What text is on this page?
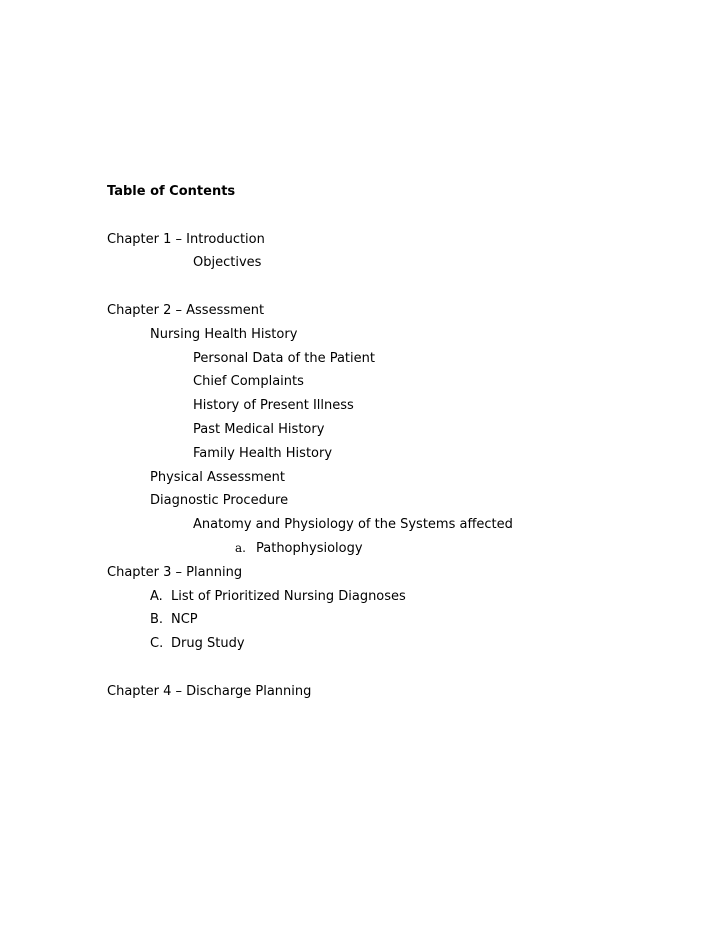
Table of Contents
Chapter 1 – Introduction
Objectives
Chapter 2 – Assessment
Nursing Health History
Personal Data of the Patient
Chief Complaints
History of Present Illness
Past Medical History
Family Health History
Physical Assessment
Diagnostic Procedure
Anatomy and Physiology of the Systems affected
a. Pathophysiology
Chapter 3 – Planning
A. List of Prioritized Nursing Diagnoses
B. NCP
C. Drug Study
Chapter 4 – Discharge Planning
